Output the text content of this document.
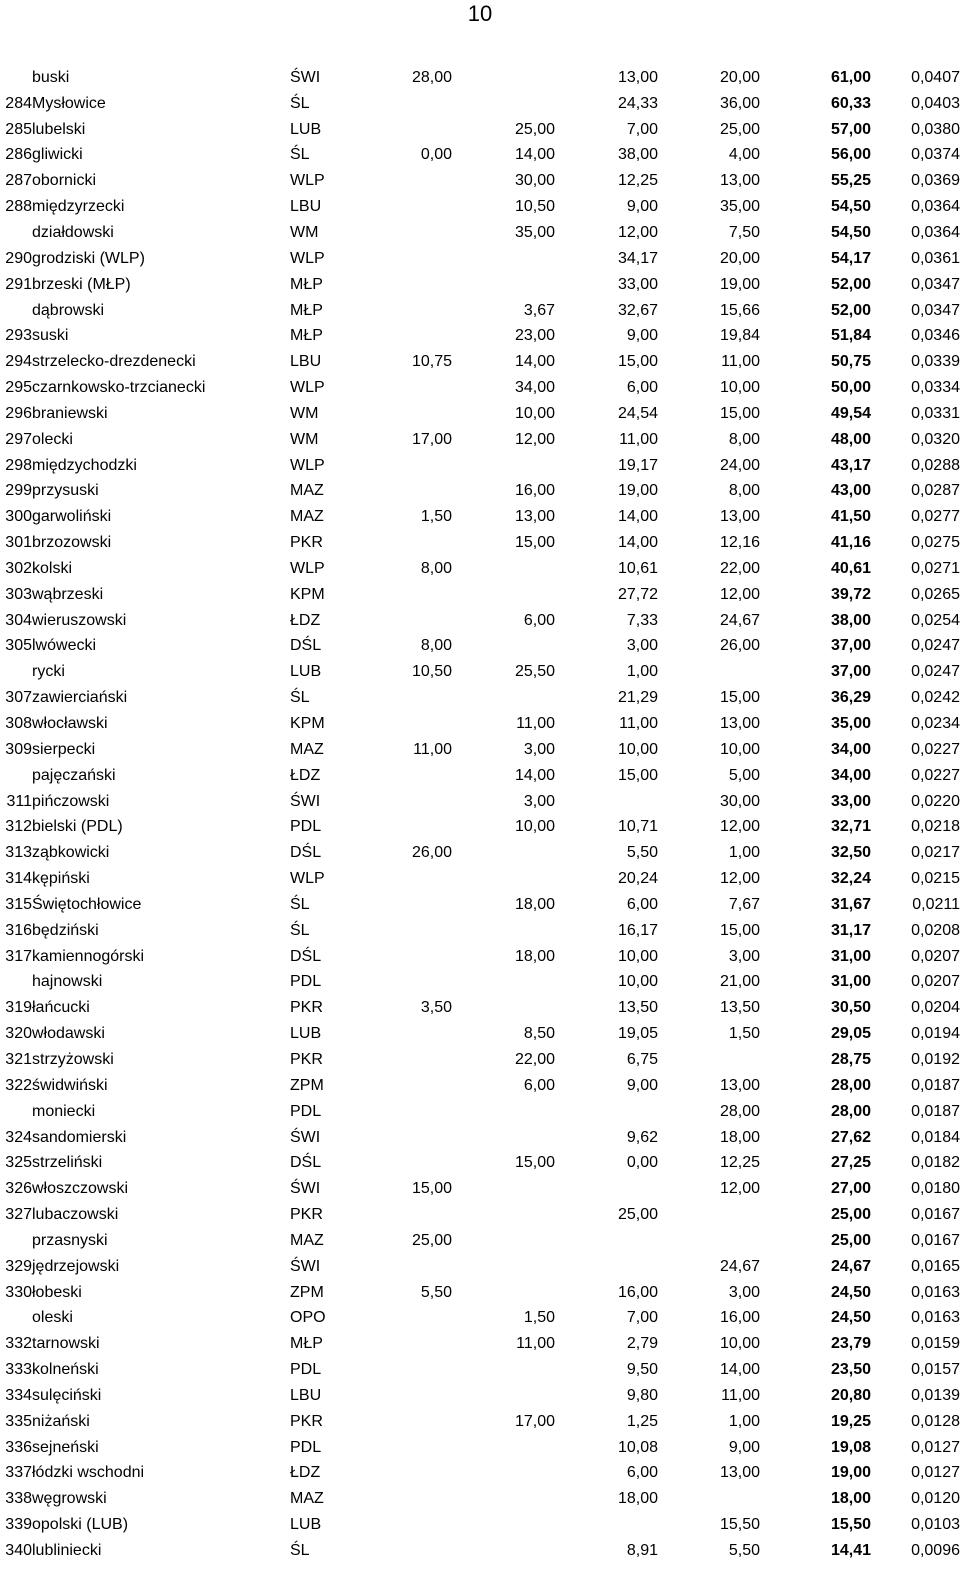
10
	buski	ŚWI	28,00		13,00	20,00	61,00	0,0407
284	Mysłowice	ŚL			24,33	36,00	60,33	0,0403
285	lubelski	LUB		25,00	7,00	25,00	57,00	0,0380
286	gliwicki	ŚL	0,00	14,00	38,00	4,00	56,00	0,0374
287	obornicki	WLP		30,00	12,25	13,00	55,25	0,0369
288	międzyrzecki	LBU		10,50	9,00	35,00	54,50	0,0364
	działdowski	WM		35,00	12,00	7,50	54,50	0,0364
290	grodziski (WLP)	WLP			34,17	20,00	54,17	0,0361
291	brzeski (MŁP)	MŁP			33,00	19,00	52,00	0,0347
	dąbrowski	MŁP		3,67	32,67	15,66	52,00	0,0347
293	suski	MŁP		23,00	9,00	19,84	51,84	0,0346
294	strzelecko-drezdenecki	LBU	10,75	14,00	15,00	11,00	50,75	0,0339
295	czarnkowsko-trzcianecki	WLP		34,00	6,00	10,00	50,00	0,0334
296	braniewski	WM		10,00	24,54	15,00	49,54	0,0331
297	olecki	WM	17,00	12,00	11,00	8,00	48,00	0,0320
298	międzychodzki	WLP			19,17	24,00	43,17	0,0288
299	przysuski	MAZ		16,00	19,00	8,00	43,00	0,0287
300	garwoliński	MAZ	1,50	13,00	14,00	13,00	41,50	0,0277
301	brzozowski	PKR		15,00	14,00	12,16	41,16	0,0275
302	kolski	WLP	8,00		10,61	22,00	40,61	0,0271
303	wąbrzeski	KPM			27,72	12,00	39,72	0,0265
304	wieruszowski	ŁDZ		6,00	7,33	24,67	38,00	0,0254
305	lwówecki	DŚL	8,00		3,00	26,00	37,00	0,0247
	rycki	LUB	10,50	25,50	1,00		37,00	0,0247
307	zawierciański	ŚL			21,29	15,00	36,29	0,0242
308	włocławski	KPM		11,00	11,00	13,00	35,00	0,0234
309	sierpecki	MAZ	11,00	3,00	10,00	10,00	34,00	0,0227
	pajęczański	ŁDZ		14,00	15,00	5,00	34,00	0,0227
311	pińczowski	ŚWI		3,00		30,00	33,00	0,0220
312	bielski (PDL)	PDL		10,00	10,71	12,00	32,71	0,0218
313	ząbkowicki	DŚL	26,00		5,50	1,00	32,50	0,0217
314	kępiński	WLP			20,24	12,00	32,24	0,0215
315	Świętochłowice	ŚL		18,00	6,00	7,67	31,67	0,0211
316	będziński	ŚL			16,17	15,00	31,17	0,0208
317	kamiennogórski	DŚL		18,00	10,00	3,00	31,00	0,0207
	hajnowski	PDL			10,00	21,00	31,00	0,0207
319	łańcucki	PKR	3,50		13,50	13,50	30,50	0,0204
320	włodawski	LUB		8,50	19,05	1,50	29,05	0,0194
321	strzyżowski	PKR		22,00	6,75		28,75	0,0192
322	świdwiński	ZPM		6,00	9,00	13,00	28,00	0,0187
	moniecki	PDL				28,00	28,00	0,0187
324	sandomierski	ŚWI			9,62	18,00	27,62	0,0184
325	strzeliński	DŚL		15,00	0,00	12,25	27,25	0,0182
326	włoszczowski	ŚWI	15,00			12,00	27,00	0,0180
327	lubaczowski	PKR			25,00		25,00	0,0167
	przasnyski	MAZ	25,00				25,00	0,0167
329	jędrzejowski	ŚWI				24,67	24,67	0,0165
330	łobeski	ZPM	5,50		16,00	3,00	24,50	0,0163
	oleski	OPO		1,50	7,00	16,00	24,50	0,0163
332	tarnowski	MŁP		11,00	2,79	10,00	23,79	0,0159
333	kolneński	PDL			9,50	14,00	23,50	0,0157
334	sulęciński	LBU			9,80	11,00	20,80	0,0139
335	niżański	PKR		17,00	1,25	1,00	19,25	0,0128
336	sejneński	PDL			10,08	9,00	19,08	0,0127
337	łódzki wschodni	ŁDZ			6,00	13,00	19,00	0,0127
338	węgrowski	MAZ			18,00		18,00	0,0120
339	opolski (LUB)	LUB				15,50	15,50	0,0103
340	lubliniecki	ŚL			8,91	5,50	14,41	0,0096
